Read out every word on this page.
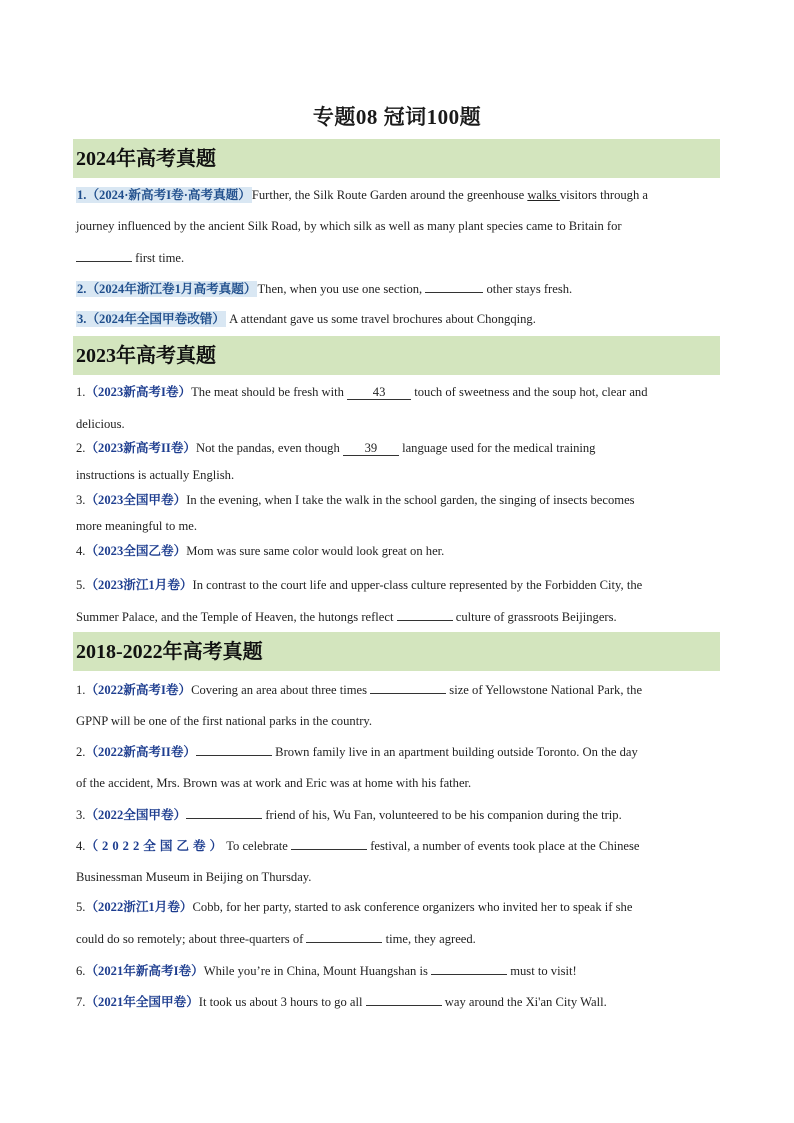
专题08 冠词100题
2024年高考真题
1.（2024·新高考I卷·高考真题）Further, the Silk Route Garden around the greenhouse walks visitors through a
journey influenced by the ancient Silk Road, by which silk as well as many plant species came to Britain for
first time.
2.（2024年浙江卷1月高考真题）Then, when you use one section,	other stays fresh.
3.（2024年全国甲卷改错） A attendant gave us some travel brochures about Chongqing.
2023年高考真题
1.（2023新高考I卷）The meat should be fresh with 43 touch of sweetness and the soup hot, clear and
delicious.
2.（2023新高考II卷）Not the pandas, even though 39 language used for the medical training
instructions is actually English.
3.（2023全国甲卷）In the evening, when I take the walk in the school garden, the singing of insects becomes
more meaningful to me.
4.（2023全国乙卷）Mom was sure same color would look great on her.
5.（2023浙江1月卷）In contrast to the court life and upper-class culture represented by the Forbidden City, the
Summer Palace, and the Temple of Heaven, the hutongs reflect	culture of grassroots Beijingers.
2018-2022年高考真题
1.（2022新高考I卷）Covering an area about three times	size of Yellowstone National Park, the
GPNP will be one of the first national parks in the country.
2.（2022新高考II卷）	Brown family live in an apartment building outside Toronto. On the day
of the accident, Mrs. Brown was at work and Eric was at home with his father.
3.（2022全国甲卷）	friend of his, Wu Fan, volunteered to be his companion during the trip.
4.（2022全国乙卷）To celebrate	festival, a number of events took place at the Chinese
Businessman Museum in Beijing on Thursday.
5.（2022浙江1月卷）Cobb, for her party, started to ask conference organizers who invited her to speak if she
could do so remotely; about three-quarters of	time, they agreed.
6.（2021年新高考I卷）While you’re in China, Mount Huangshan is	must to visit!
7.（2021年全国甲卷）It took us about 3 hours to go all	way around the Xi'an City Wall.
